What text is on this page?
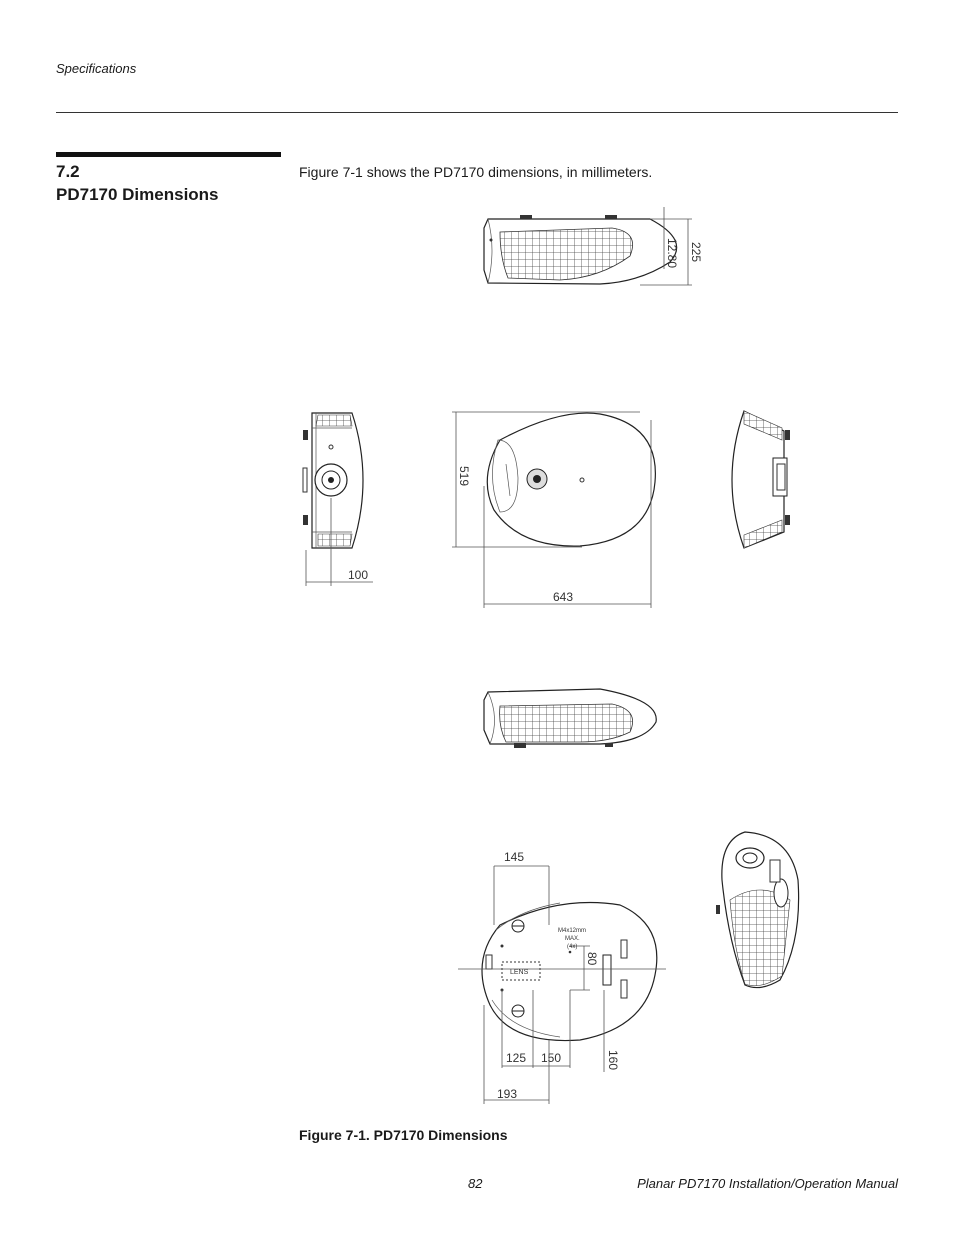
Specifications
7.2
PD7170 Dimensions
Figure 7-1 shows the PD7170 dimensions, in millimeters.
12.80 225
100
519
643
145
80
125 150	160
193
M4x12mm
MAX.
(4x)
LENS
Figure 7-1. PD7170 Dimensions
82	Planar PD7170 Installation/Operation Manual
